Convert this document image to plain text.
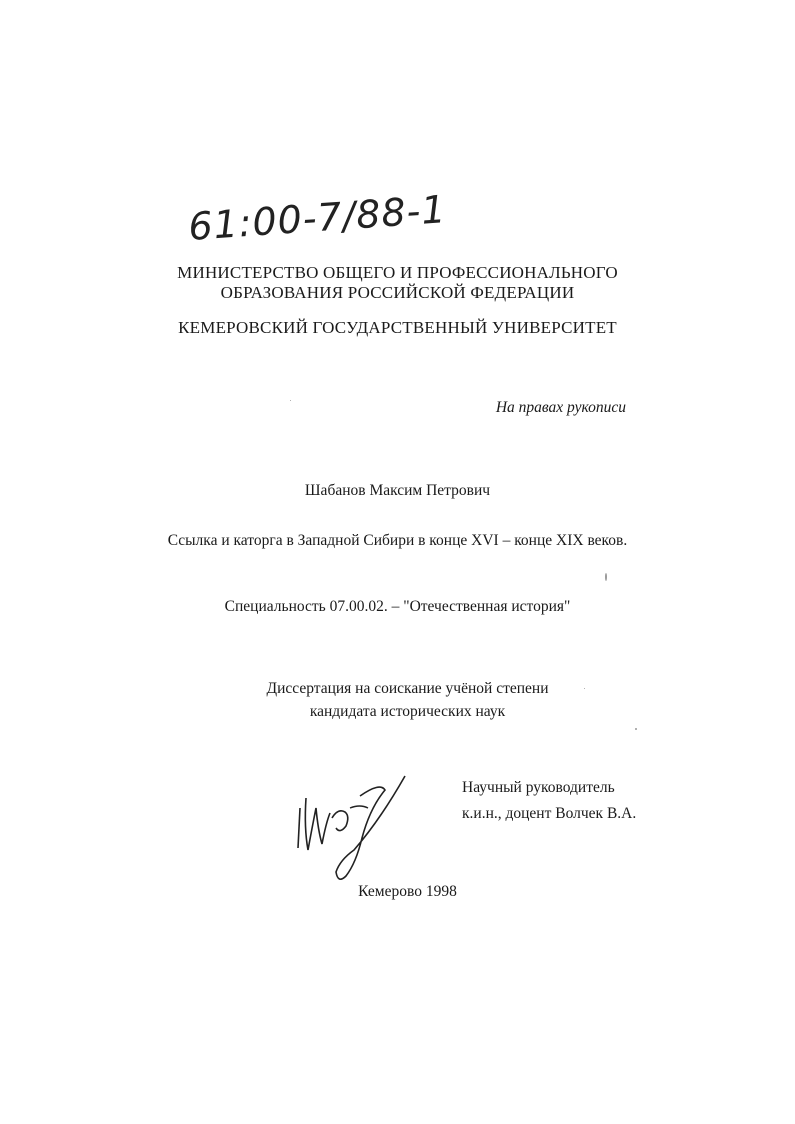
61:00-7/88-1
МИНИСТЕРСТВО ОБЩЕГО И ПРОФЕССИОНАЛЬНОГО
ОБРАЗОВАНИЯ РОССИЙСКОЙ ФЕДЕРАЦИИ
КЕМЕРОВСКИЙ ГОСУДАРСТВЕННЫЙ УНИВЕРСИТЕТ
На правах рукописи
Шабанов Максим Петрович
Ссылка и каторга в Западной Сибири в конце XVI – конце XIX веков.
Специальность 07.00.02. – "Отечественная история"
Диссертация на соискание учёной степени
кандидата исторических наук
Научный руководитель
к.и.н., доцент Волчек В.А.
Кемерово 1998
